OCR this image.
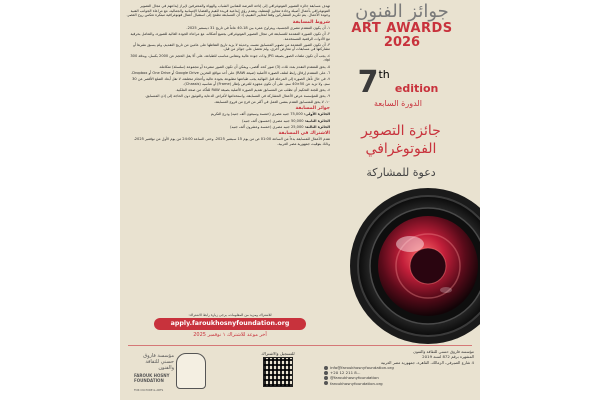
تهدف مسابقة جائزة التصوير الفوتوغرافي إلى إتاحة الفرصة للفنانين الشباب والهواة والمحترفين لإبراز إبداعهم في مجال التصوير الفوتوغرافي بأعمال أصيلة وجادة تتجاوز النمطية، وتقدم رؤى إبداعية فريدة للقيم والقضايا الإنسانية والجمالية، مع مراعاة الجوانب الفنية وجودة الأعمال. يتم تكريم المشاركين وفقاً لمعايير التقييم، إذ أن المسابقة تطمح إلى استقبال أعمال فوتوغرافية مبتكرة تعكس روح العصر.

شروط المسابقة

١- أن يكون المتقدم مصري الجنسية، ويتراوح عمره بين 18-40 عاماً في تاريخ 31 ديسمبر 2025.

٢- أن تكون الصورة المقدمة للمسابقة في مجال التصوير الفوتوغرافي بجميع أشكاله، مع مراعاة الجودة العالية للصورة، والتعامل بحرفية مع الأدوات الرقمية المستخدمة.

٣- أن تكون الصور المقدمة من تصوير المتسابق نفسه، وحديثة لا يزيد تاريخ التقاطها على عامين من تاريخ التقديم، ولم يسبق نشرها أو مشاركتها في مسابقات أو معارض أخرى، ولم تحصل على جوائز من قبل.

٤- يجب أن تكون ملفات الصور بصيغة JPG وذات جودة عالية ومقاس مناسب للطباعة، على ألا يقل الحجم عن 2000 بكسل، وبدقة 300 dpi.

٥- يحق للمتقدم التقدم بعدد ثلاث (3) صور كحد أقصى، ويمكن أن تكون الصور منفردة أو مجموعة (سلسلة) متكاملة.

٦- على المتقدم إرفاق رابط لملف الصورة الأصلية (صيغة RAW) على أحد مواقع التخزين Google Drive أو One Drive أو Dropbox.

٧- في حال تأهل الصورة إلى المرحلة قبل النهائية يجب طباعتها مطبوعة بجودة عالية وأحجام مختلفة، لا تقل أبعاد الضلع الأقصر عن 30 سم، ولا تزيد عن 50×40 سم، على أن تكون مجهزة للعرض بإطار (Frame) أو شاسيه (Chassis).

٨- يحق للجنة التحكيم أن تطلب من المتسابق تقديم الصورة الأصلية بصيغة RAW للتأكد من صحة الملكية.

٩- يحق للمؤسسة عرض الأعمال المشاركة في المسابقة، واستخدامها لأغراض الدعاية والتوثيق دون الحاجة إلى إذن المتسابق.

١٠- لا يحق للمتسابق التقدم بنفس العمل في أكثر من فرع من فروع المسابقة.

جوائز المسابقة

الجائزة الأولى: 75,000 جنيه مصري (خمسة وسبعون ألف جنيه) ودرع التكريم

الجائزة الثانية: 50,000 جنيه مصري (خمسون ألف جنيه)

الجائزة الثالثة: 25,000 جنيه مصري (خمسة وعشرون ألف جنيه)

الاشتراك في المسابقة

تقدم الأعمال للمسابقة بدءاً من الساعة 01:00 ص من يوم 15 سبتمبر 2025، وحتى الساعة 24:00 من يوم الأول من نوفمبر 2025، وذلك بتوقيت جمهورية مصر العربية.

جوائز الفنون
ART AWARDS
2026
7th edition
الدورة السابعة
جائزة التصوير
الفوتوغرافي
دعوة للمشاركة
للاشتراك ومزيد من المعلومات، يرجى زيارة رابط الاشتراك:
apply.faroukhosnyfoundation.org
آخر موعد للاشتراك ١ نوفمبر 2025
مؤسسة فاروق حسني للثقافة والفنون
FAROUK HOSNY FOUNDATION
FOR CULTURE & ARTS
للتسجيل والاشتراك	مؤسسة فاروق حسني للثقافة والفنون
المشهرة برقم 872 لسنة 2019
4 شارع الصيرفي، الزمالك، القاهرة، جمهورية مصر العربية
info@faroukhosnyfoundation.org
+20 12 211 8...
@faroukhosnyfoundation
faroukhosnyfoundation.org
